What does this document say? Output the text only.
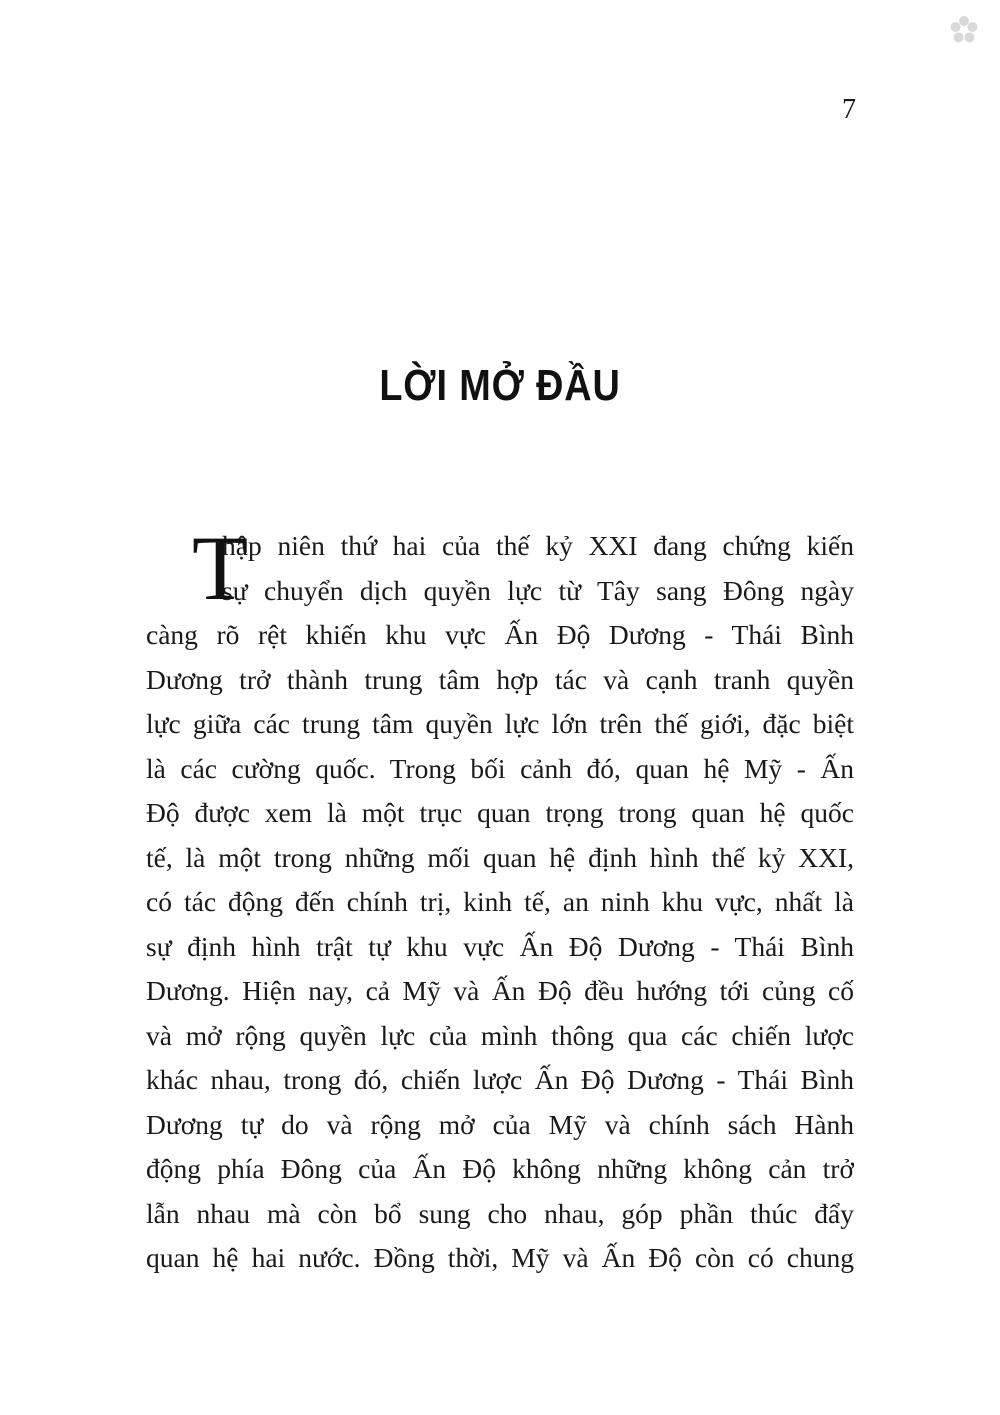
7
LỜI MỞ ĐẦU
T
hập niên thứ hai của thế kỷ XXI đang chứng kiến
sự chuyển dịch quyền lực từ Tây sang Đông ngày
càng rõ rệt khiến khu vực Ấn Độ Dương - Thái Bình
Dương trở thành trung tâm hợp tác và cạnh tranh quyền
lực giữa các trung tâm quyền lực lớn trên thế giới, đặc biệt
là các cường quốc. Trong bối cảnh đó, quan hệ Mỹ - Ấn
Độ được xem là một trục quan trọng trong quan hệ quốc
tế, là một trong những mối quan hệ định hình thế kỷ XXI,
có tác động đến chính trị, kinh tế, an ninh khu vực, nhất là
sự định hình trật tự khu vực Ấn Độ Dương - Thái Bình
Dương. Hiện nay, cả Mỹ và Ấn Độ đều hướng tới củng cố
và mở rộng quyền lực của mình thông qua các chiến lược
khác nhau, trong đó, chiến lược Ấn Độ Dương - Thái Bình
Dương tự do và rộng mở của Mỹ và chính sách Hành
động phía Đông của Ấn Độ không những không cản trở
lẫn nhau mà còn bổ sung cho nhau, góp phần thúc đẩy
quan hệ hai nước. Đồng thời, Mỹ và Ấn Độ còn có chung
